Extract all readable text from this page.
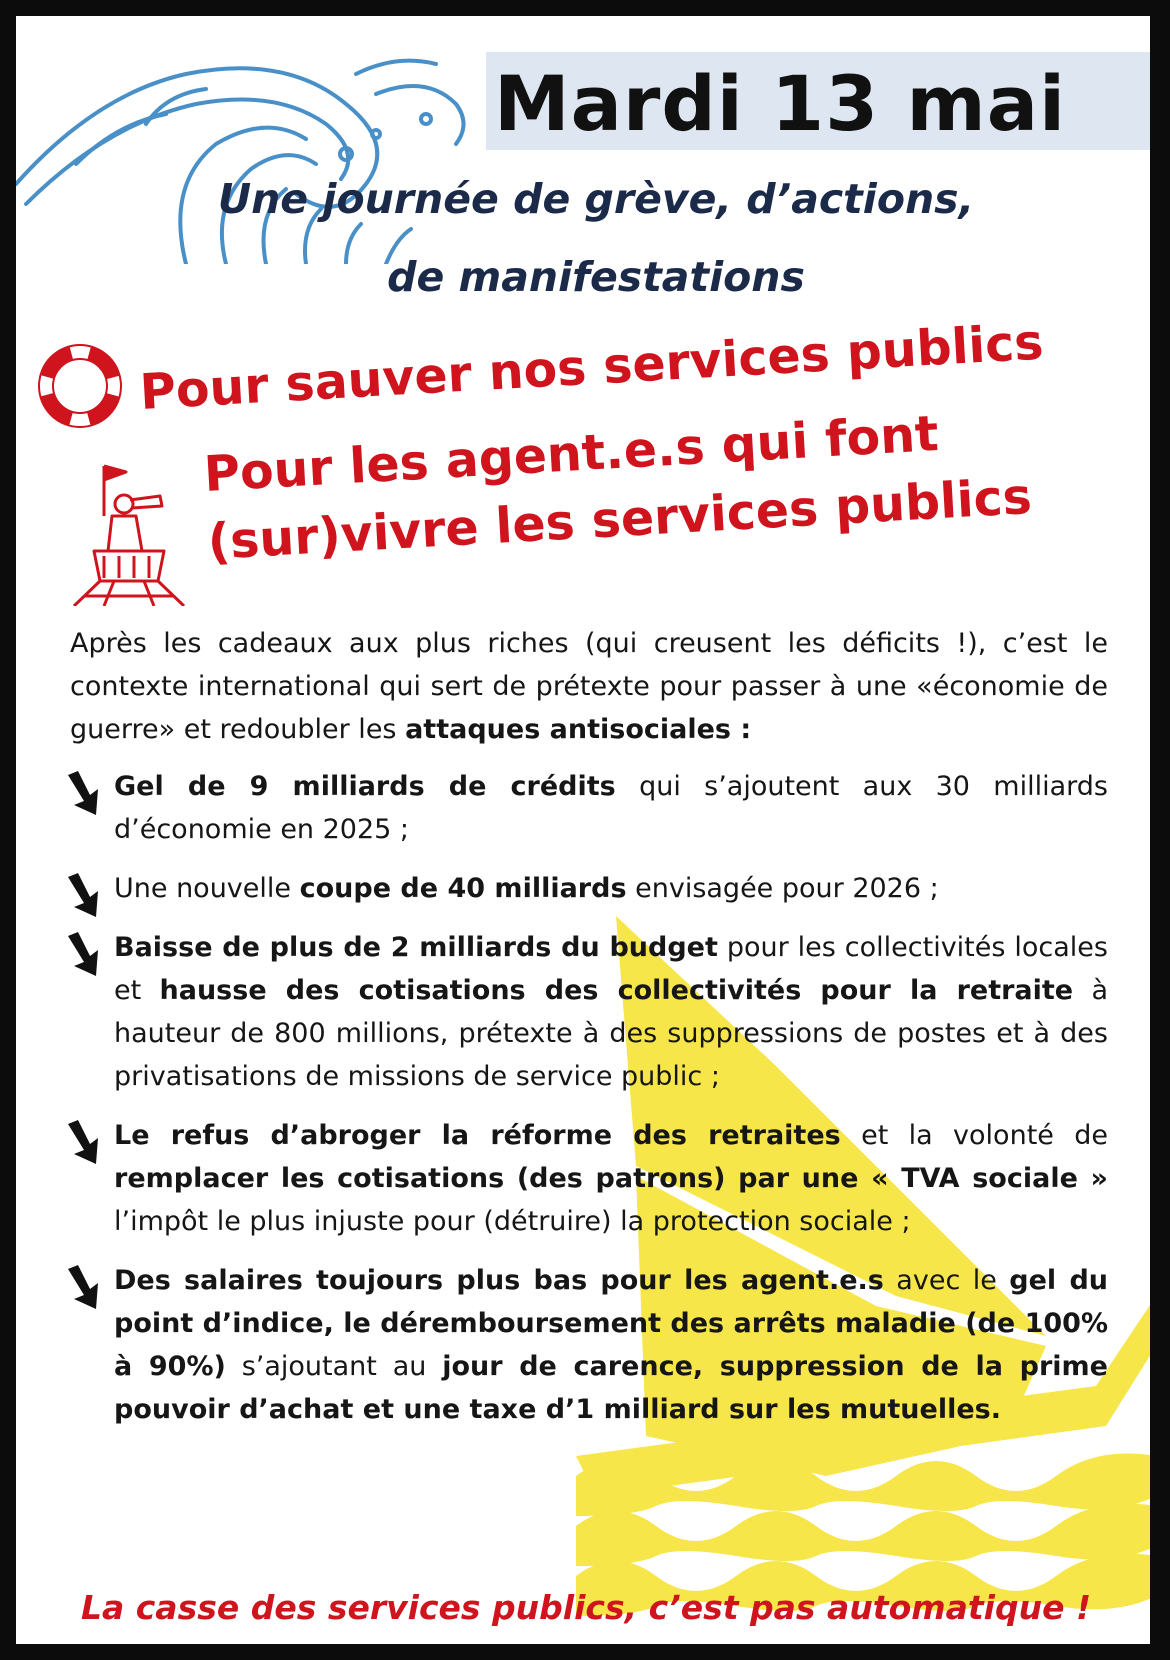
Mardi 13 mai
Une journée de grève, d’actions,
de manifestations
Pour sauver nos services publics
Pour les agent.e.s qui font (sur)vivre les services publics

Après les cadeaux aux plus riches (qui creusent les déficits !), c’est le contexte international qui sert de prétexte pour passer à une «économie de guerre» et redoubler les attaques antisociales :

Gel de 9 milliards de crédits qui s’ajoutent aux 30 milliards d’économie en 2025 ;

Une nouvelle coupe de 40 milliards envisagée pour 2026 ;

Baisse de plus de 2 milliards du budget pour les collectivités locales et hausse des cotisations des collectivités pour la retraite à hauteur de 800 millions, prétexte à des suppressions de postes et à des privatisations de missions de service public ;

Le refus d’abroger la réforme des retraites et la volonté de remplacer les cotisations (des patrons) par une « TVA sociale » l’impôt le plus injuste pour (détruire) la protection sociale ;

Des salaires toujours plus bas pour les agent.e.s avec le gel du point d’indice, le déremboursement des arrêts maladie (de 100% à 90%) s’ajoutant au jour de carence, suppression de la prime pouvoir d’achat et une taxe d’1 milliard sur les mutuelles.

La casse des services publics, c’est pas automatique !
